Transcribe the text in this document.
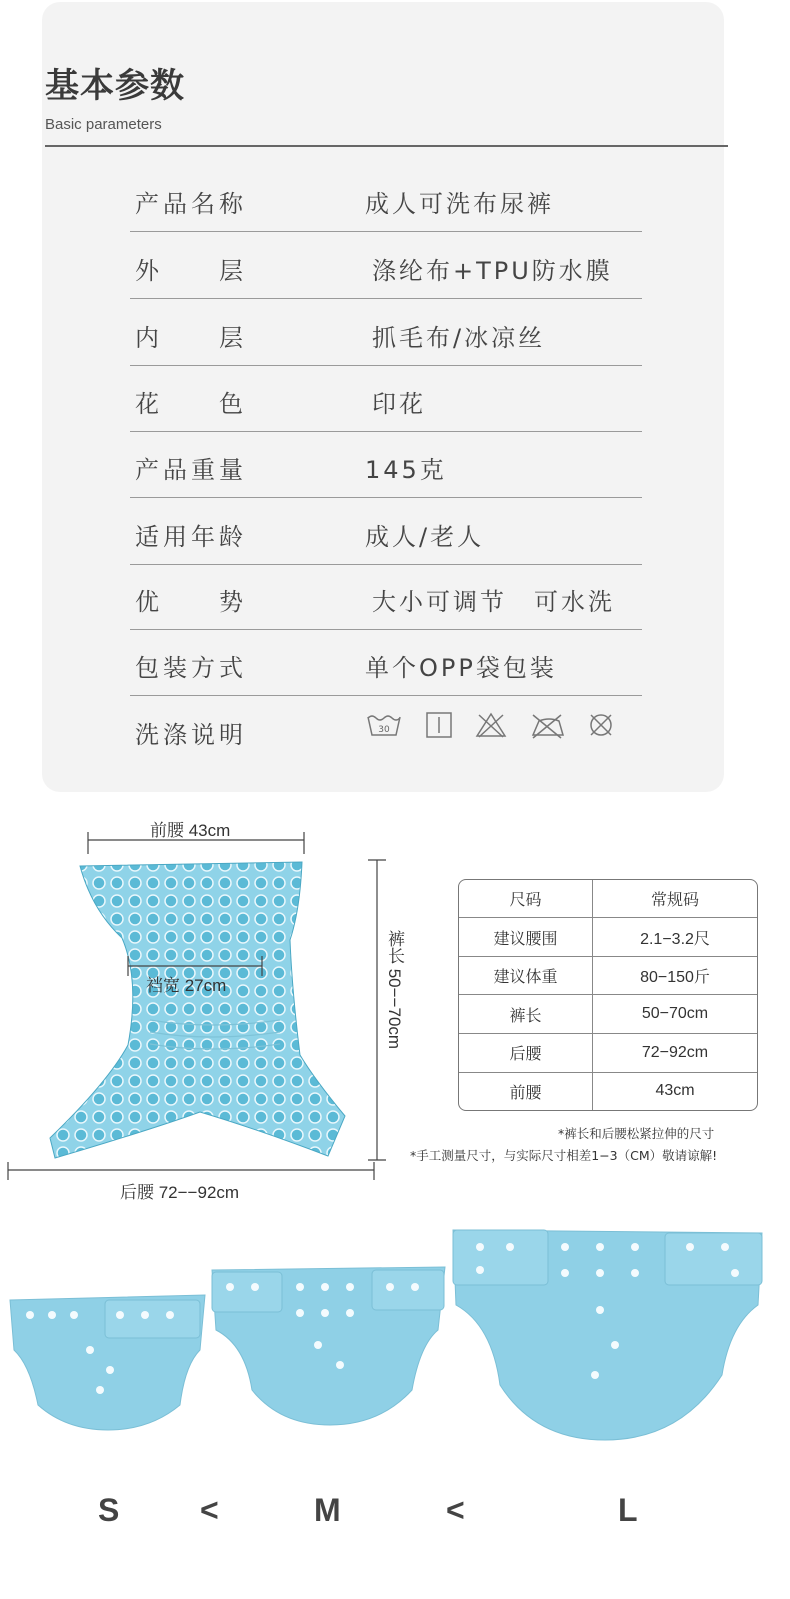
基本参数
Basic parameters
产品名称	成人可洗布尿裤
外　　层	涤纶布+TPU防水膜
内　　层	抓毛布/冰凉丝
花　　色	印花
产品重量	145克
适用年龄	成人/老人
优　　势	大小可调节　可水洗
包装方式	单个OPP袋包装
洗涤说明	30
前腰 43cm
裆宽 27cm	裤长 50−−70cm
后腰 72−−92cm
尺码	常规码
建议腰围	2.1−3.2尺
建议体重	80−150斤
裤长	50−70cm
后腰	72−92cm
前腰	43cm
*裤长和后腰松紧拉伸的尺寸
*手工测量尺寸，与实际尺寸相差1−3（CM）敬请谅解!
S	<	M	<	L
